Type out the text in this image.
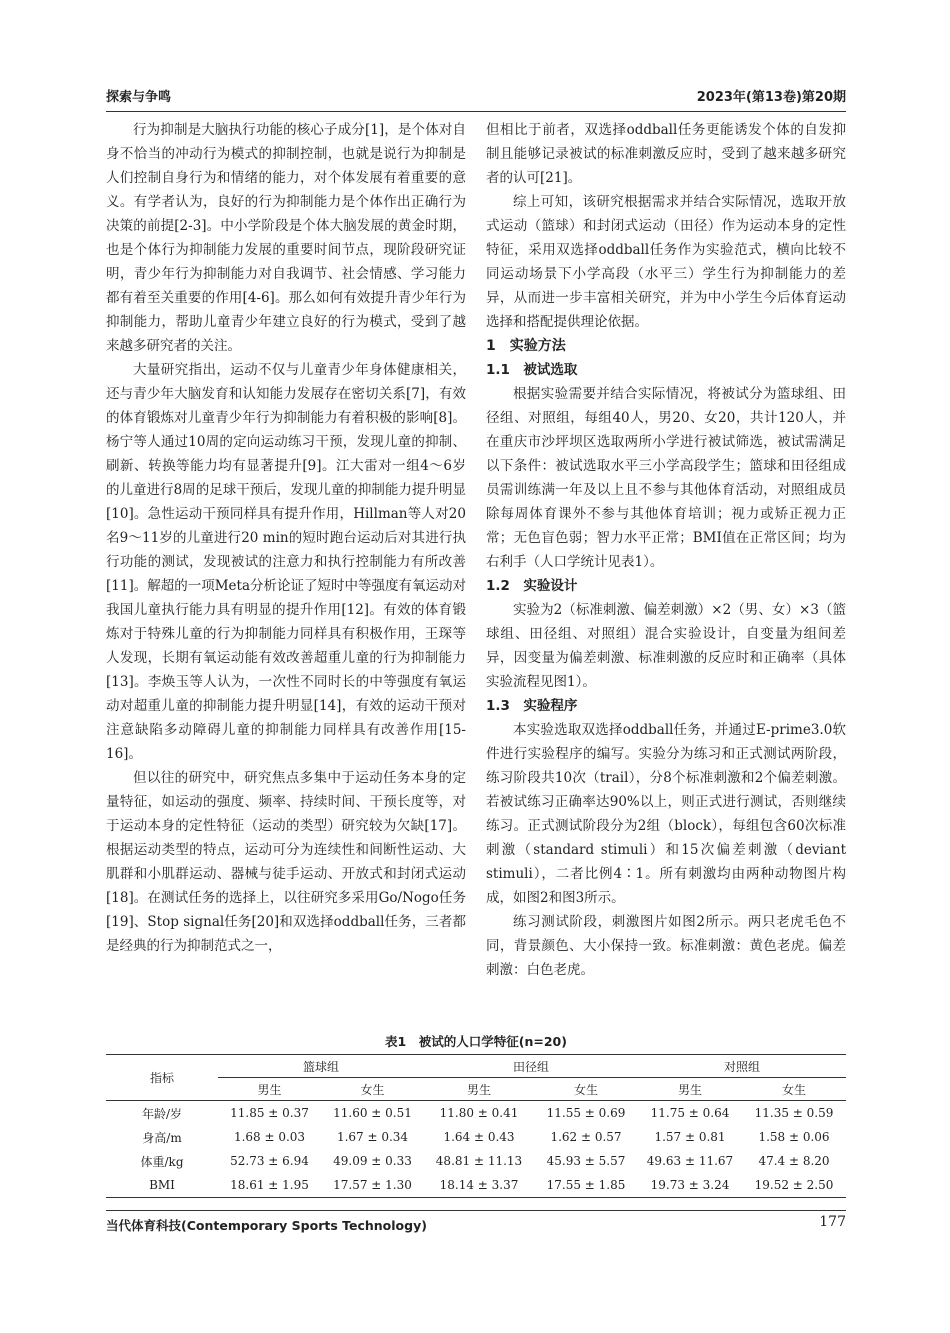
探索与争鸣	2023年(第13卷)第20期

行为抑制是大脑执行功能的核心子成分[1]，是个体对自身不恰当的冲动行为模式的抑制控制，也就是说行为抑制是人们控制自身行为和情绪的能力，对个体发展有着重要的意义。有学者认为，良好的行为抑制能力是个体作出正确行为决策的前提[2-3]。中小学阶段是个体大脑发展的黄金时期，也是个体行为抑制能力发展的重要时间节点，现阶段研究证明，青少年行为抑制能力对自我调节、社会情感、学习能力都有着至关重要的作用[4-6]。那么如何有效提升青少年行为抑制能力，帮助儿童青少年建立良好的行为模式，受到了越来越多研究者的关注。

大量研究指出，运动不仅与儿童青少年身体健康相关，还与青少年大脑发育和认知能力发展存在密切关系[7]，有效的体育锻炼对儿童青少年行为抑制能力有着积极的影响[8]。杨宁等人通过10周的定向运动练习干预，发现儿童的抑制、刷新、转换等能力均有显著提升[9]。江大雷对一组4～6岁的儿童进行8周的足球干预后，发现儿童的抑制能力提升明显[10]。急性运动干预同样具有提升作用，Hillman等人对20名9～11岁的儿童进行20 min的短时跑台运动后对其进行执行功能的测试，发现被试的注意力和执行控制能力有所改善[11]。解超的一项Meta分析论证了短时中等强度有氧运动对我国儿童执行能力具有明显的提升作用[12]。有效的体育锻炼对于特殊儿童的行为抑制能力同样具有积极作用，王琛等人发现，长期有氧运动能有效改善超重儿童的行为抑制能力[13]。李焕玉等人认为，一次性不同时长的中等强度有氧运动对超重儿童的抑制能力提升明显[14]，有效的运动干预对注意缺陷多动障碍儿童的抑制能力同样具有改善作用[15-16]。

但以往的研究中，研究焦点多集中于运动任务本身的定量特征，如运动的强度、频率、持续时间、干预长度等，对于运动本身的定性特征（运动的类型）研究较为欠缺[17]。根据运动类型的特点，运动可分为连续性和间断性运动、大肌群和小肌群运动、器械与徒手运动、开放式和封闭式运动[18]。在测试任务的选择上，以往研究多采用Go/Nogo任务[19]、Stop signal任务[20]和双选择oddball任务，三者都是经典的行为抑制范式之一，

但相比于前者，双选择oddball任务更能诱发个体的自发抑制且能够记录被试的标准刺激反应时，受到了越来越多研究者的认可[21]。

综上可知，该研究根据需求并结合实际情况，选取开放式运动（篮球）和封闭式运动（田径）作为运动本身的定性特征，采用双选择oddball任务作为实验范式，横向比较不同运动场景下小学高段（水平三）学生行为抑制能力的差异，从而进一步丰富相关研究，并为中小学生今后体育运动选择和搭配提供理论依据。

1　实验方法
1.1　被试选取

根据实验需要并结合实际情况，将被试分为篮球组、田径组、对照组，每组40人，男20、女20，共计120人，并在重庆市沙坪坝区选取两所小学进行被试筛选，被试需满足以下条件：被试选取水平三小学高段学生；篮球和田径组成员需训练满一年及以上且不参与其他体育活动，对照组成员除每周体育课外不参与其他体育培训；视力或矫正视力正常；无色盲色弱；智力水平正常；BMI值在正常区间；均为右利手（人口学统计见表1）。

1.2　实验设计

实验为2（标准刺激、偏差刺激）×2（男、女）×3（篮球组、田径组、对照组）混合实验设计，自变量为组间差异，因变量为偏差刺激、标准刺激的反应时和正确率（具体实验流程见图1）。

1.3　实验程序

本实验选取双选择oddball任务，并通过E-prime3.0软件进行实验程序的编写。实验分为练习和正式测试两阶段，练习阶段共10次（trail），分8个标准刺激和2个偏差刺激。若被试练习正确率达90%以上，则正式进行测试，否则继续练习。正式测试阶段分为2组（block），每组包含60次标准刺激（standard stimuli）和15次偏差刺激（deviant stimuli），二者比例4∶1。所有刺激均由两种动物图片构成，如图2和图3所示。

练习测试阶段，刺激图片如图2所示。两只老虎毛色不同，背景颜色、大小保持一致。标准刺激：黄色老虎。偏差刺激：白色老虎。

表1　被试的人口学特征(n=20)
指标	篮球组		田径组		对照组	
	男生	女生	男生	女生	男生	女生
年龄/岁	11.85 ± 0.37	11.60 ± 0.51	11.80 ± 0.41	11.55 ± 0.69	11.75 ± 0.64	11.35 ± 0.59
身高/m	1.68 ± 0.03	1.67 ± 0.34	1.64 ± 0.43	1.62 ± 0.57	1.57 ± 0.81	1.58 ± 0.06
体重/kg	52.73 ± 6.94	49.09 ± 0.33	48.81 ± 11.13	45.93 ± 5.57	49.63 ± 11.67	47.4 ± 8.20
BMI	18.61 ± 1.95	17.57 ± 1.30	18.14 ± 3.37	17.55 ± 1.85	19.73 ± 3.24	19.52 ± 2.50
当代体育科技(Contemporary Sports Technology)	177
